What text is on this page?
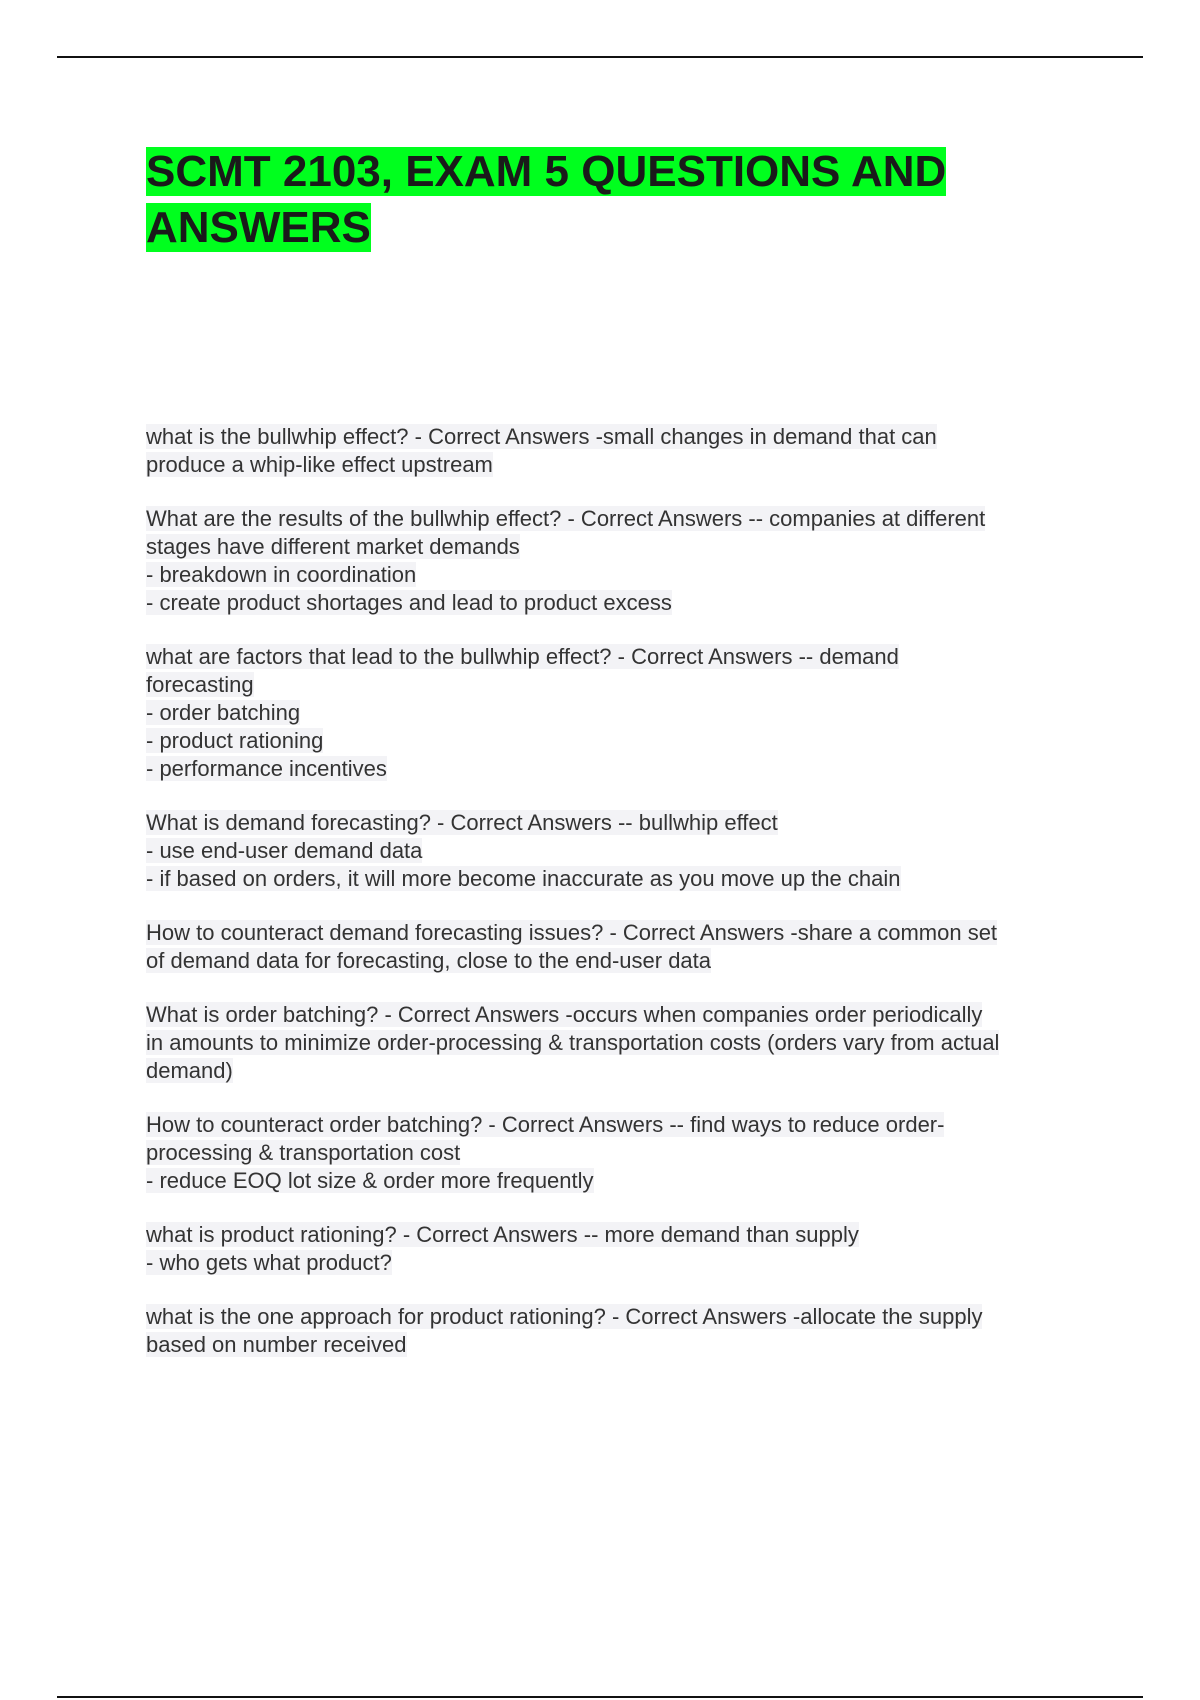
SCMT 2103, EXAM 5 QUESTIONS AND ANSWERS
what is the bullwhip effect? - Correct Answers -small changes in demand that can
produce a whip-like effect upstream
What are the results of the bullwhip effect? - Correct Answers -- companies at different
stages have different market demands
- breakdown in coordination
- create product shortages and lead to product excess
what are factors that lead to the bullwhip effect? - Correct Answers -- demand
forecasting
- order batching
- product rationing
- performance incentives
What is demand forecasting? - Correct Answers -- bullwhip effect
- use end-user demand data
- if based on orders, it will more become inaccurate as you move up the chain
How to counteract demand forecasting issues? - Correct Answers -share a common set
of demand data for forecasting, close to the end-user data
What is order batching? - Correct Answers -occurs when companies order periodically
in amounts to minimize order-processing & transportation costs (orders vary from actual
demand)
How to counteract order batching? - Correct Answers -- find ways to reduce order-
processing & transportation cost
- reduce EOQ lot size & order more frequently
what is product rationing? - Correct Answers -- more demand than supply
- who gets what product?
what is the one approach for product rationing? - Correct Answers -allocate the supply
based on number received
